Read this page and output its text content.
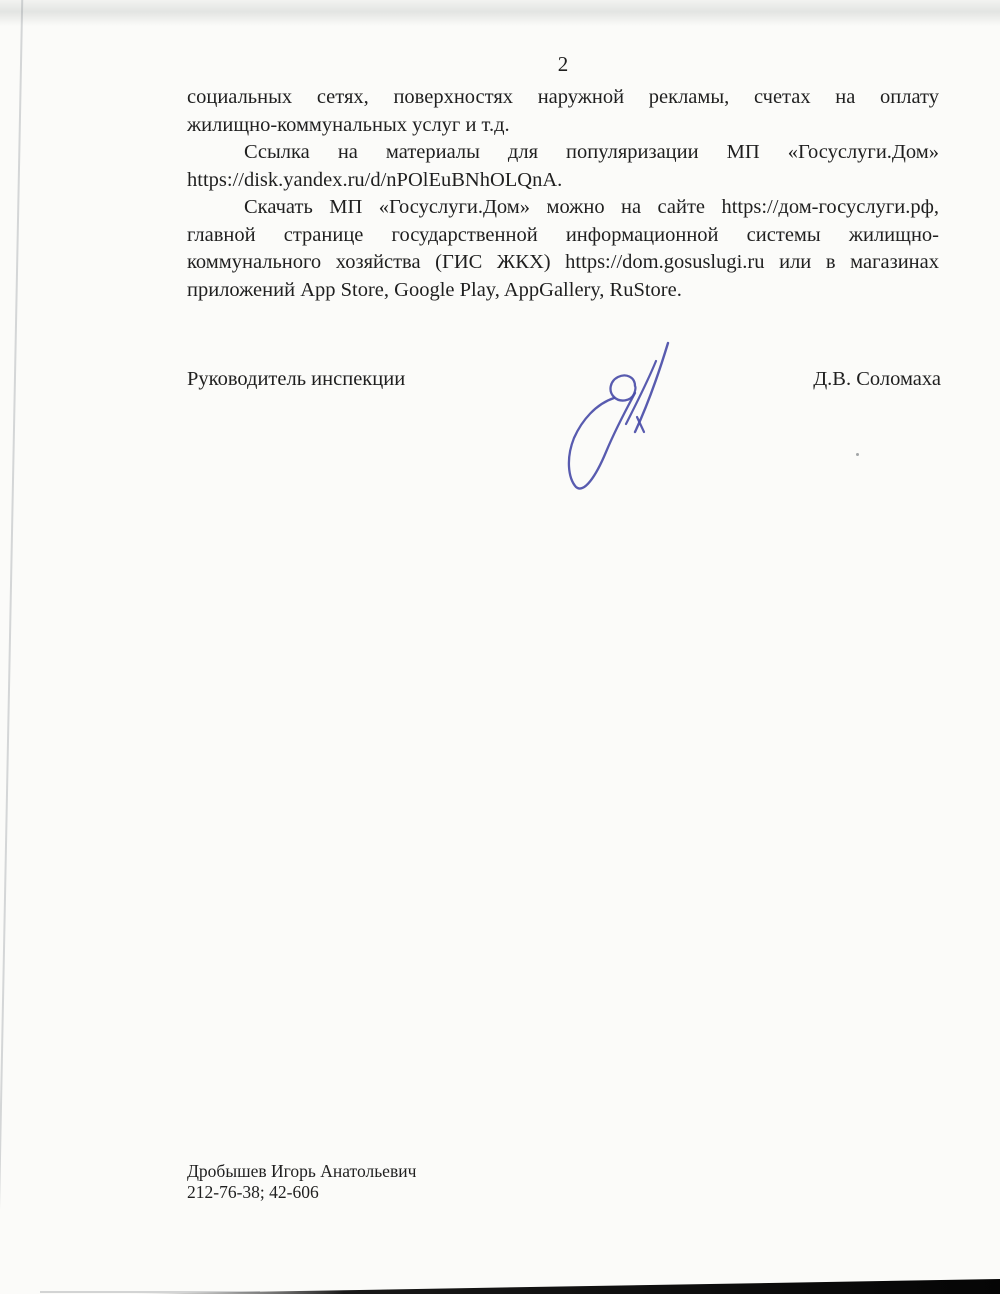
2
социальных сетях, поверхностях наружной рекламы, счетах на оплату
жилищно-коммунальных услуг и т.д.
Ссылка на материалы для популяризации МП «Госуслуги.Дом»
https://disk.yandex.ru/d/nPOlEuBNhOLQnA.
Скачать МП «Госуслуги.Дом» можно на сайте https://дом-госуслуги.рф,
главной странице государственной информационной системы жилищно-
коммунального хозяйства (ГИС ЖКХ) https://dom.gosuslugi.ru или в магазинах
приложений App Store, Google Play, AppGallery, RuStore.
Руководитель инспекции	Д.В. Соломаха
Дробышев Игорь Анатольевич
212-76-38; 42-606
